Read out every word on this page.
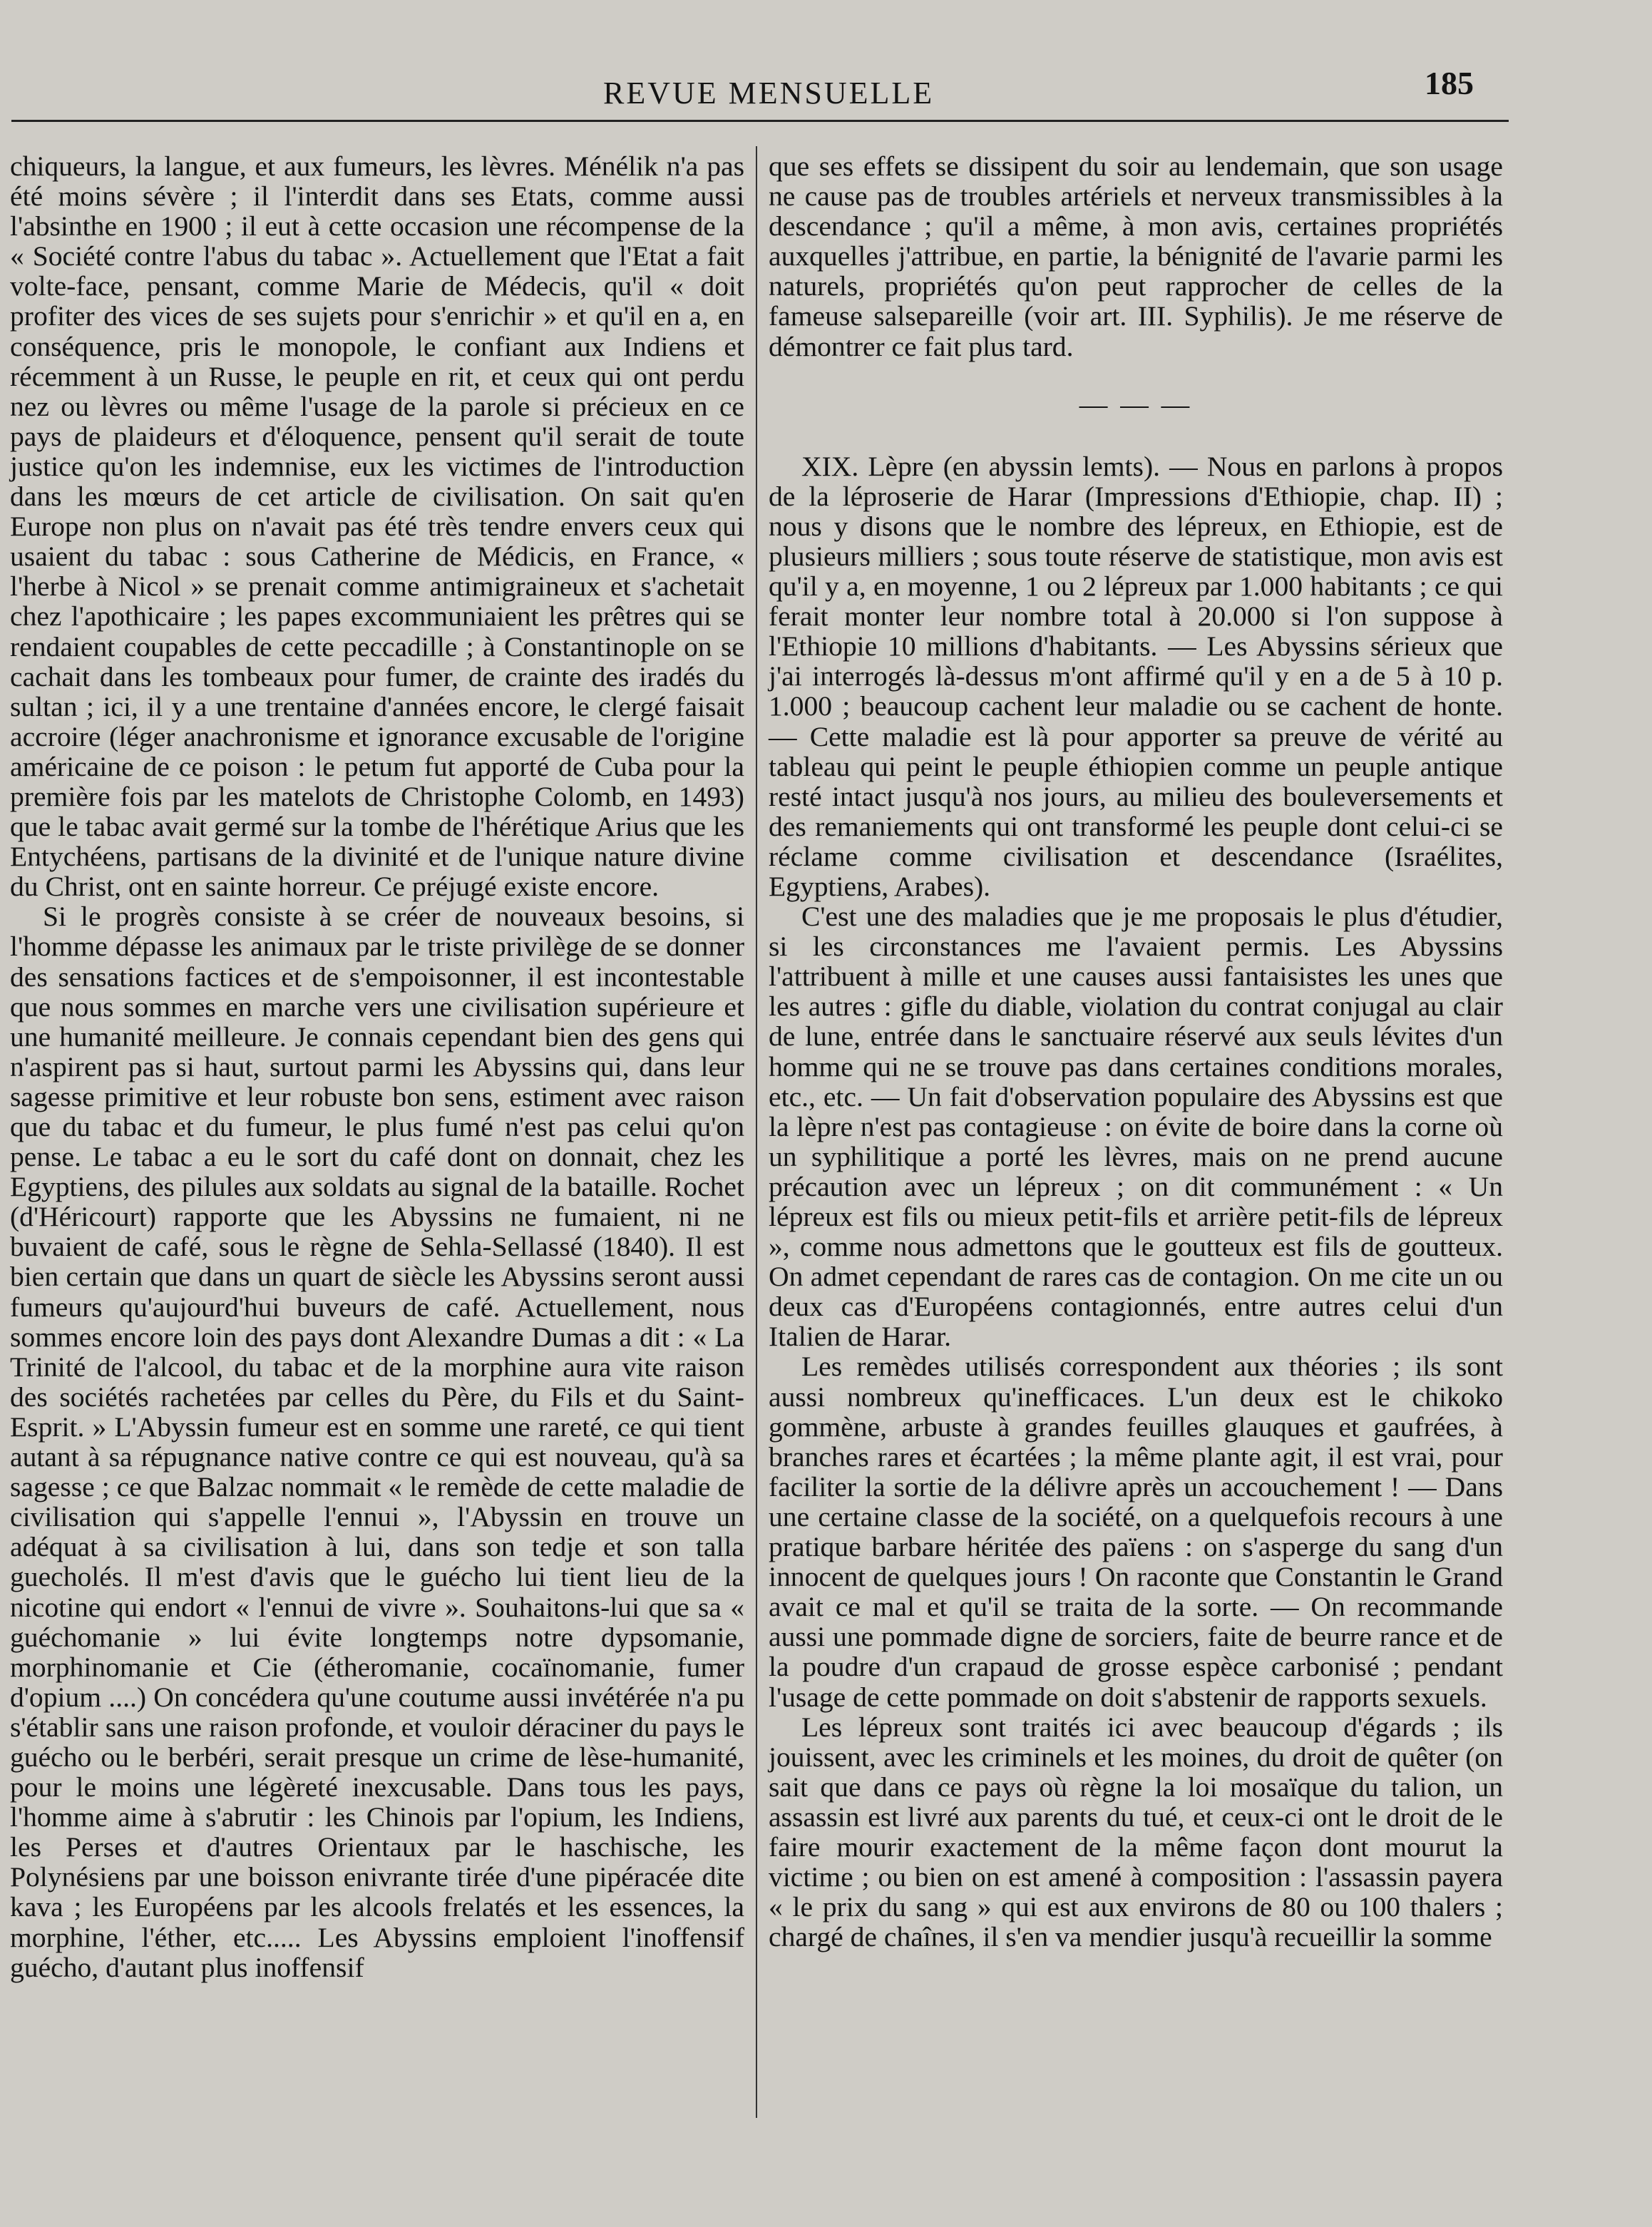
REVUE MENSUELLE	185

chiqueurs, la langue, et aux fumeurs, les lèvres. Ménélik n'a pas été moins sévère ; il l'interdit dans ses Etats, comme aussi l'absinthe en 1900 ; il eut à cette occasion une récompense de la « Société contre l'abus du tabac ». Actuellement que l'Etat a fait volte-face, pensant, comme Marie de Médecis, qu'il « doit profiter des vices de ses sujets pour s'enrichir » et qu'il en a, en conséquence, pris le monopole, le confiant aux Indiens et récemment à un Russe, le peuple en rit, et ceux qui ont perdu nez ou lèvres ou même l'usage de la parole si précieux en ce pays de plaideurs et d'éloquence, pensent qu'il serait de toute justice qu'on les indemnise, eux les victimes de l'introduction dans les mœurs de cet article de civilisation. On sait qu'en Europe non plus on n'avait pas été très tendre envers ceux qui usaient du tabac : sous Catherine de Médicis, en France, « l'herbe à Nicol » se prenait comme antimigraineux et s'achetait chez l'apothicaire ; les papes excommuniaient les prêtres qui se rendaient coupables de cette peccadille ; à Constantinople on se cachait dans les tombeaux pour fumer, de crainte des iradés du sultan ; ici, il y a une trentaine d'années encore, le clergé faisait accroire (léger anachronisme et ignorance excusable de l'origine américaine de ce poison : le petum fut apporté de Cuba pour la première fois par les matelots de Christophe Colomb, en 1493) que le tabac avait germé sur la tombe de l'hérétique Arius que les Entychéens, partisans de la divinité et de l'unique nature divine du Christ, ont en sainte horreur. Ce préjugé existe encore.

Si le progrès consiste à se créer de nouveaux besoins, si l'homme dépasse les animaux par le triste privilège de se donner des sensations factices et de s'empoisonner, il est incontestable que nous sommes en marche vers une civilisation supérieure et une humanité meilleure. Je connais cependant bien des gens qui n'aspirent pas si haut, surtout parmi les Abyssins qui, dans leur sagesse primitive et leur robuste bon sens, estiment avec raison que du tabac et du fumeur, le plus fumé n'est pas celui qu'on pense. Le tabac a eu le sort du café dont on donnait, chez les Egyptiens, des pilules aux soldats au signal de la bataille. Rochet (d'Héricourt) rapporte que les Abyssins ne fumaient, ni ne buvaient de café, sous le règne de Sehla-Sellassé (1840). Il est bien certain que dans un quart de siècle les Abyssins seront aussi fumeurs qu'aujourd'hui buveurs de café. Actuellement, nous sommes encore loin des pays dont Alexandre Dumas a dit : « La Trinité de l'alcool, du tabac et de la morphine aura vite raison des sociétés rachetées par celles du Père, du Fils et du Saint-Esprit. » L'Abyssin fumeur est en somme une rareté, ce qui tient autant à sa répugnance native contre ce qui est nouveau, qu'à sa sagesse ; ce que Balzac nommait « le remède de cette maladie de civilisation qui s'appelle l'ennui », l'Abyssin en trouve un adéquat à sa civilisation à lui, dans son tedje et son talla guecholés. Il m'est d'avis que le guécho lui tient lieu de la nicotine qui endort « l'ennui de vivre ». Souhaitons-lui que sa « guéchomanie » lui évite longtemps notre dypsomanie, morphinomanie et Cie (étheromanie, cocaïnomanie, fumer d'opium ....) On concédera qu'une coutume aussi invétérée n'a pu s'établir sans une raison profonde, et vouloir déraciner du pays le guécho ou le berbéri, serait presque un crime de lèse-humanité, pour le moins une légèreté inexcusable. Dans tous les pays, l'homme aime à s'abrutir : les Chinois par l'opium, les Indiens, les Perses et d'autres Orientaux par le haschische, les Polynésiens par une boisson enivrante tirée d'une pipéracée dite kava ; les Européens par les alcools frelatés et les essences, la morphine, l'éther, etc..... Les Abyssins emploient l'inoffensif guécho, d'autant plus inoffensif

que ses effets se dissipent du soir au lendemain, que son usage ne cause pas de troubles artériels et nerveux transmissibles à la descendance ; qu'il a même, à mon avis, certaines propriétés auxquelles j'attribue, en partie, la bénignité de l'avarie parmi les naturels, propriétés qu'on peut rapprocher de celles de la fameuse salsepareille (voir art. III. Syphilis). Je me réserve de démontrer ce fait plus tard.

— — —

XIX. Lèpre (en abyssin lemts). — Nous en parlons à propos de la léproserie de Harar (Impressions d'Ethiopie, chap. II) ; nous y disons que le nombre des lépreux, en Ethiopie, est de plusieurs milliers ; sous toute réserve de statistique, mon avis est qu'il y a, en moyenne, 1 ou 2 lépreux par 1.000 habitants ; ce qui ferait monter leur nombre total à 20.000 si l'on suppose à l'Ethiopie 10 millions d'habitants. — Les Abyssins sérieux que j'ai interrogés là-dessus m'ont affirmé qu'il y en a de 5 à 10 p. 1.000 ; beaucoup cachent leur maladie ou se cachent de honte. — Cette maladie est là pour apporter sa preuve de vérité au tableau qui peint le peuple éthiopien comme un peuple antique resté intact jusqu'à nos jours, au milieu des bouleversements et des remaniements qui ont transformé les peuple dont celui-ci se réclame comme civilisation et descendance (Israélites, Egyptiens, Arabes).

C'est une des maladies que je me proposais le plus d'étudier, si les circonstances me l'avaient permis. Les Abyssins l'attribuent à mille et une causes aussi fantaisistes les unes que les autres : gifle du diable, violation du contrat conjugal au clair de lune, entrée dans le sanctuaire réservé aux seuls lévites d'un homme qui ne se trouve pas dans certaines conditions morales, etc., etc. — Un fait d'observation populaire des Abyssins est que la lèpre n'est pas contagieuse : on évite de boire dans la corne où un syphilitique a porté les lèvres, mais on ne prend aucune précaution avec un lépreux ; on dit communément : « Un lépreux est fils ou mieux petit-fils et arrière petit-fils de lépreux », comme nous admettons que le goutteux est fils de goutteux. On admet cependant de rares cas de contagion. On me cite un ou deux cas d'Européens contagionnés, entre autres celui d'un Italien de Harar.

Les remèdes utilisés correspondent aux théories ; ils sont aussi nombreux qu'inefficaces. L'un deux est le chikoko gommène, arbuste à grandes feuilles glauques et gaufrées, à branches rares et écartées ; la même plante agit, il est vrai, pour faciliter la sortie de la délivre après un accouchement ! — Dans une certaine classe de la société, on a quelquefois recours à une pratique barbare héritée des païens : on s'asperge du sang d'un innocent de quelques jours ! On raconte que Constantin le Grand avait ce mal et qu'il se traita de la sorte. — On recommande aussi une pommade digne de sorciers, faite de beurre rance et de la poudre d'un crapaud de grosse espèce carbonisé ; pendant l'usage de cette pommade on doit s'abstenir de rapports sexuels.

Les lépreux sont traités ici avec beaucoup d'égards ; ils jouissent, avec les criminels et les moines, du droit de quêter (on sait que dans ce pays où règne la loi mosaïque du talion, un assassin est livré aux parents du tué, et ceux-ci ont le droit de le faire mourir exactement de la même façon dont mourut la victime ; ou bien on est amené à composition : l'assassin payera « le prix du sang » qui est aux environs de 80 ou 100 thalers ; chargé de chaînes, il s'en va mendier jusqu'à recueillir la somme
